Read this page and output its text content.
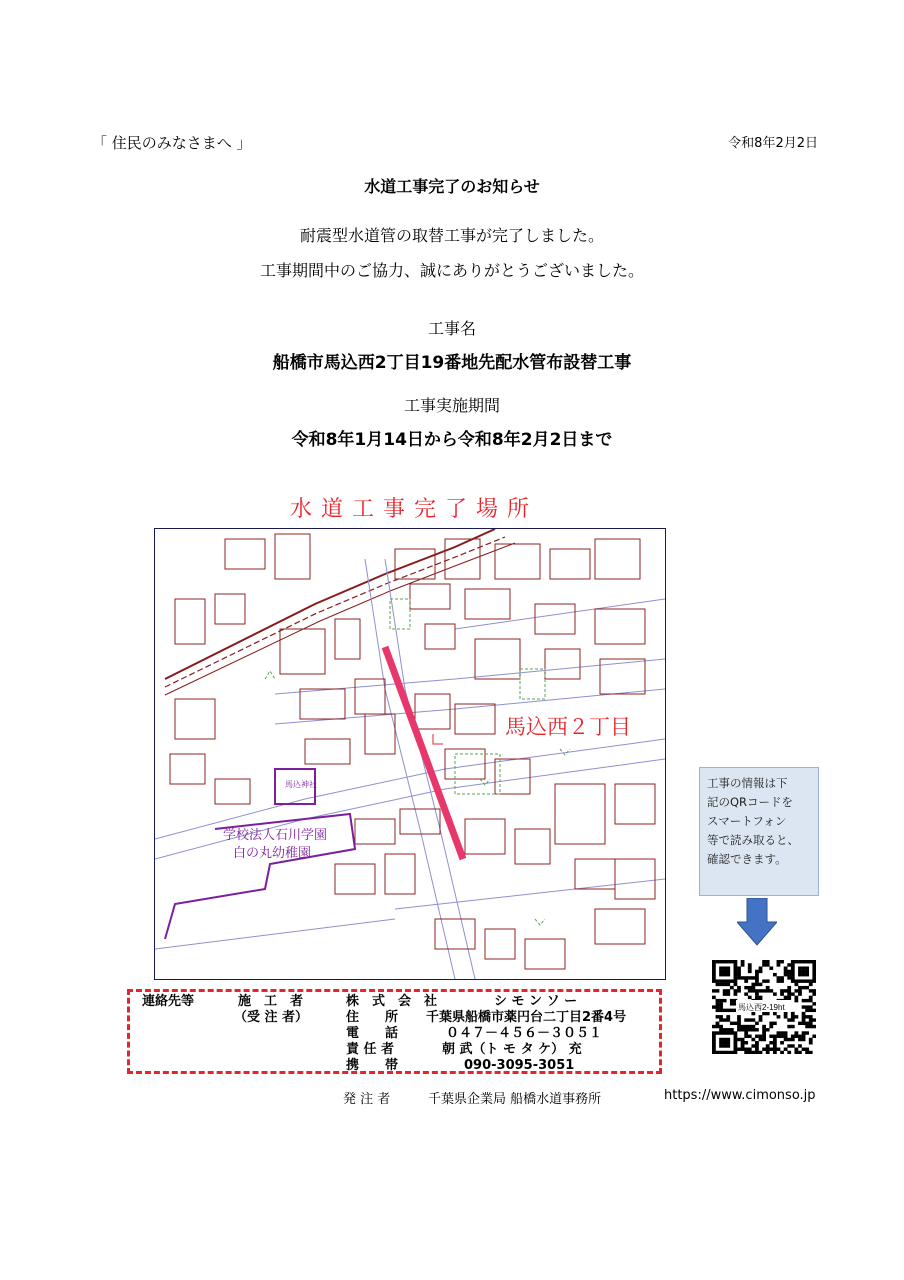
「 住民のみなさまへ 」	令和8年2月2日
水道工事完了のお知らせ
耐震型水道管の取替工事が完了しました。
工事期間中のご協力、誠にありがとうございました。
工事名
船橋市馬込西2丁目19番地先配水管布設替工事
工事実施期間
令和8年1月14日から令和8年2月2日まで
水道工事完了場所
学校法人石川学園
白の丸幼稚園
馬込神社
馬込西２丁目
工事の情報は下
記のQRコードを
スマートフォン
等で読み取ると、
確認できます。
馬込西2-19ht
連絡先等	施　工　者
（受 注 者）
株　式　会　社	シ モ ン ソ ー
住　　所 千葉県船橋市薬円台二丁目2番4号
電　　話	０４７－４５６－３０５１
責 任 者	朝 武（ト モ タ ケ） 充
携　　帯	090-3095-3051
発 注 者	千葉県企業局 船橋水道事務所	https://www.cimonso.jp
